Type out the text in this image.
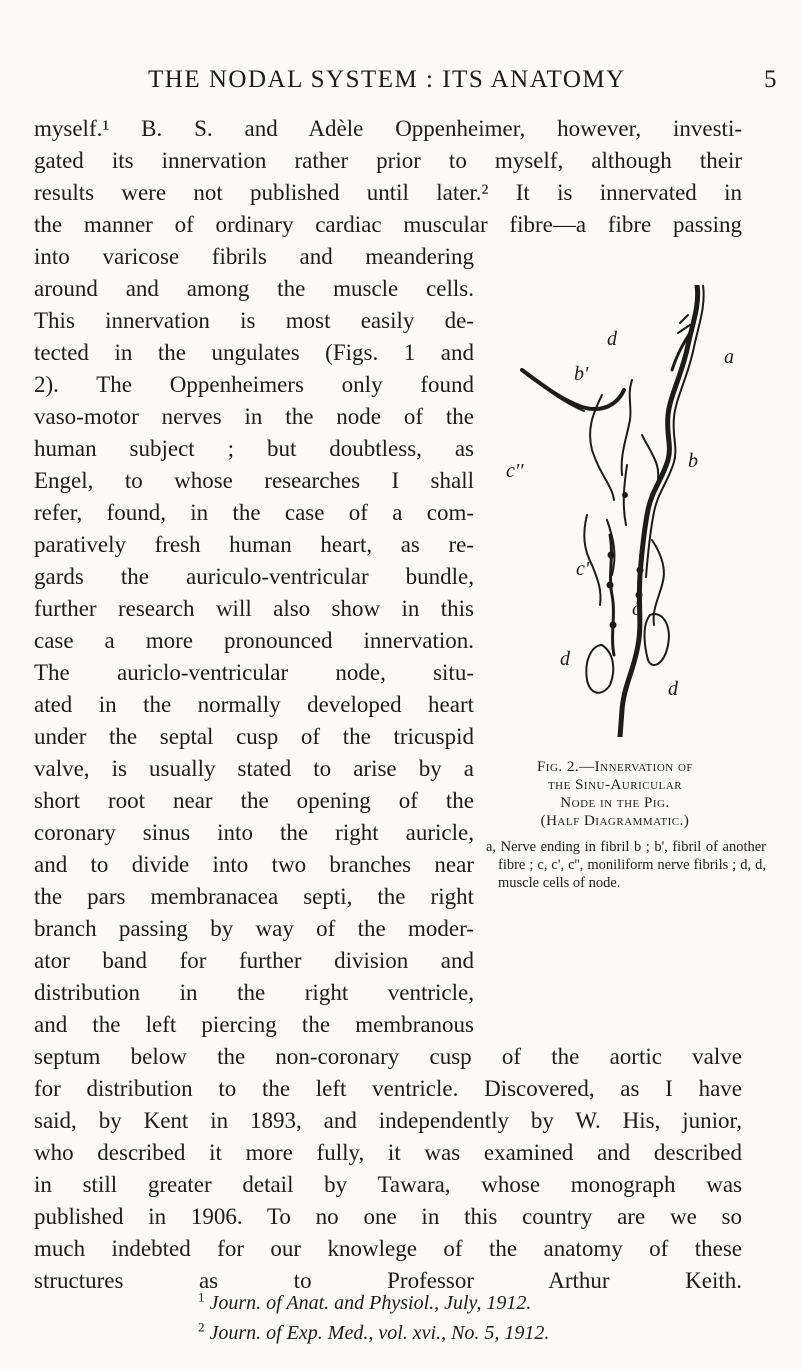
THE NODAL SYSTEM : ITS ANATOMY	5
myself.¹ B. S. and Adèle Oppenheimer, however, investi-
gated its innervation rather prior to myself, although their
results were not published until later.² It is innervated in
the manner of ordinary cardiac muscular fibre—a fibre passing
into varicose fibrils and meandering
around and among the muscle cells.
This innervation is most easily de-
tected in the ungulates (Figs. 1 and
2). The Oppenheimers only found
vaso-motor nerves in the node of the
human subject ; but doubtless, as
Engel, to whose researches I shall
refer, found, in the case of a com-
paratively fresh human heart, as re-
gards the auriculo-ventricular bundle,
further research will also show in this
case a more pronounced innervation.
The auriclo-ventricular node, situ-
ated in the normally developed heart
under the septal cusp of the tricuspid
valve, is usually stated to arise by a
short root near the opening of the
coronary sinus into the right auricle,
and to divide into two branches near
the pars membranacea septi, the right
branch passing by way of the moder-
ator band for further division and
distribution in the right ventricle,
and the left piercing the membranous
septum below the non-coronary cusp of the aortic valve
for distribution to the left ventricle. Discovered, as I have
said, by Kent in 1893, and independently by W. His, junior,
who described it more fully, it was examined and described
in still greater detail by Tawara, whose monograph was
published in 1906. To no one in this country are we so
much indebted for our knowlege of the anatomy of these
structures as to Professor Arthur Keith.
a
b
b'
d
c''
c'
c
d
d
Fig. 2.—Innervation of
the Sinu-Auricular
Node in the Pig.
(Half Diagrammatic.)
a, Nerve ending in fibril b ; b', fibril of another fibre ; c, c', c'', moniliform nerve fibrils ; d, d, muscle cells of node.
$^1$ Journ. of Anat. and Physiol., July, 1912.
$^2$ Journ. of Exp. Med., vol. xvi., No. 5, 1912.
